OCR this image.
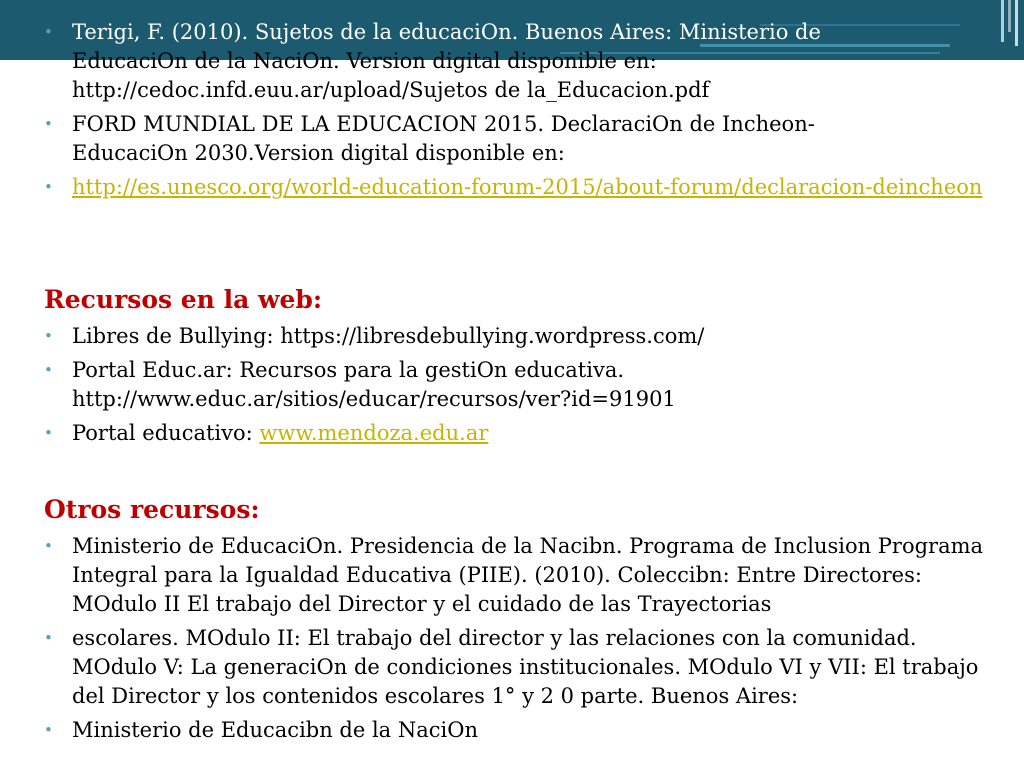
• Terigi, F. (2010). Sujetos de la educaciOn. Buenos Aires: Ministerio de
EducaciOn de la NaciOn. Version digital disponible en:
http://cedoc.infd.euu.ar/upload/Sujetos de la_Educacion.pdf
• FORD MUNDIAL DE LA EDUCACION 2015. DeclaraciOn de Incheon-
EducaciOn 2030.Version digital disponible en:
• http://es.unesco.org/world-education-forum-2015/about-forum/declaracion-deincheon
Recursos en la web:
• Libres de Bullying: https://libresdebullying.wordpress.com/
• Portal Educ.ar: Recursos para la gestiOn educativa.
http://www.educ.ar/sitios/educar/recursos/ver?id=91901
• Portal educativo: www.mendoza.edu.ar
Otros recursos:
• Ministerio de EducaciOn. Presidencia de la Nacibn. Programa de Inclusion Programa Integral para la Igualdad Educativa (PIIE). (2010). Coleccibn: Entre Directores: MOdulo II El trabajo del Director y el cuidado de las Trayectorias
• escolares. MOdulo II: El trabajo del director y las relaciones con la comunidad. MOdulo V: La generaciOn de condiciones institucionales. MOdulo VI y VII: El trabajo del Director y los contenidos escolares 1° y 2 0 parte. Buenos Aires:
• Ministerio de Educacibn de la NaciOn
